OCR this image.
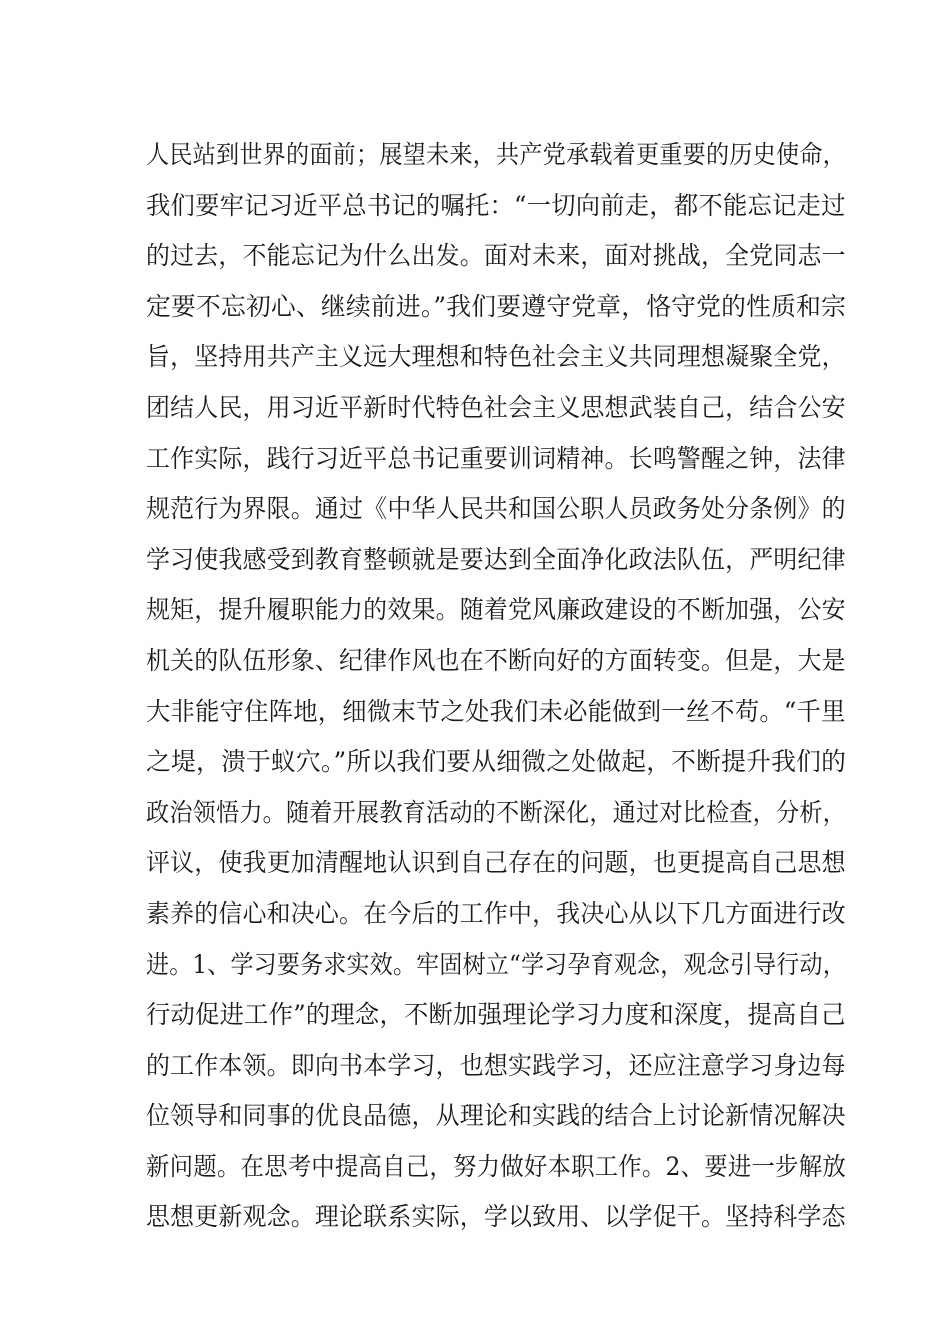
人民站到世界的面前；展望未来，共产党承载着更重要的历史使命，
我们要牢记习近平总书记的嘱托：“一切向前走，都不能忘记走过
的过去，不能忘记为什么出发。面对未来，面对挑战，全党同志一
定要不忘初心、继续前进。”我们要遵守党章，恪守党的性质和宗
旨，坚持用共产主义远大理想和特色社会主义共同理想凝聚全党，
团结人民，用习近平新时代特色社会主义思想武装自己，结合公安
工作实际，践行习近平总书记重要训词精神。长鸣警醒之钟，法律
规范行为界限。通过《中华人民共和国公职人员政务处分条例》的
学习使我感受到教育整顿就是要达到全面净化政法队伍，严明纪律
规矩，提升履职能力的效果。随着党风廉政建设的不断加强，公安
机关的队伍形象、纪律作风也在不断向好的方面转变。但是，大是
大非能守住阵地，细微末节之处我们未必能做到一丝不苟。“千里
之堤，溃于蚁穴。”所以我们要从细微之处做起，不断提升我们的
政治领悟力。随着开展教育活动的不断深化，通过对比检查，分析，
评议，使我更加清醒地认识到自己存在的问题，也更提高自己思想
素养的信心和决心。在今后的工作中，我决心从以下几方面进行改
进。1、学习要务求实效。牢固树立“学习孕育观念，观念引导行动，
行动促进工作”的理念，不断加强理论学习力度和深度，提高自己
的工作本领。即向书本学习，也想实践学习，还应注意学习身边每
位领导和同事的优良品德，从理论和实践的结合上讨论新情况解决
新问题。在思考中提高自己，努力做好本职工作。2、要进一步解放
思想更新观念。理论联系实际，学以致用、以学促干。坚持科学态
